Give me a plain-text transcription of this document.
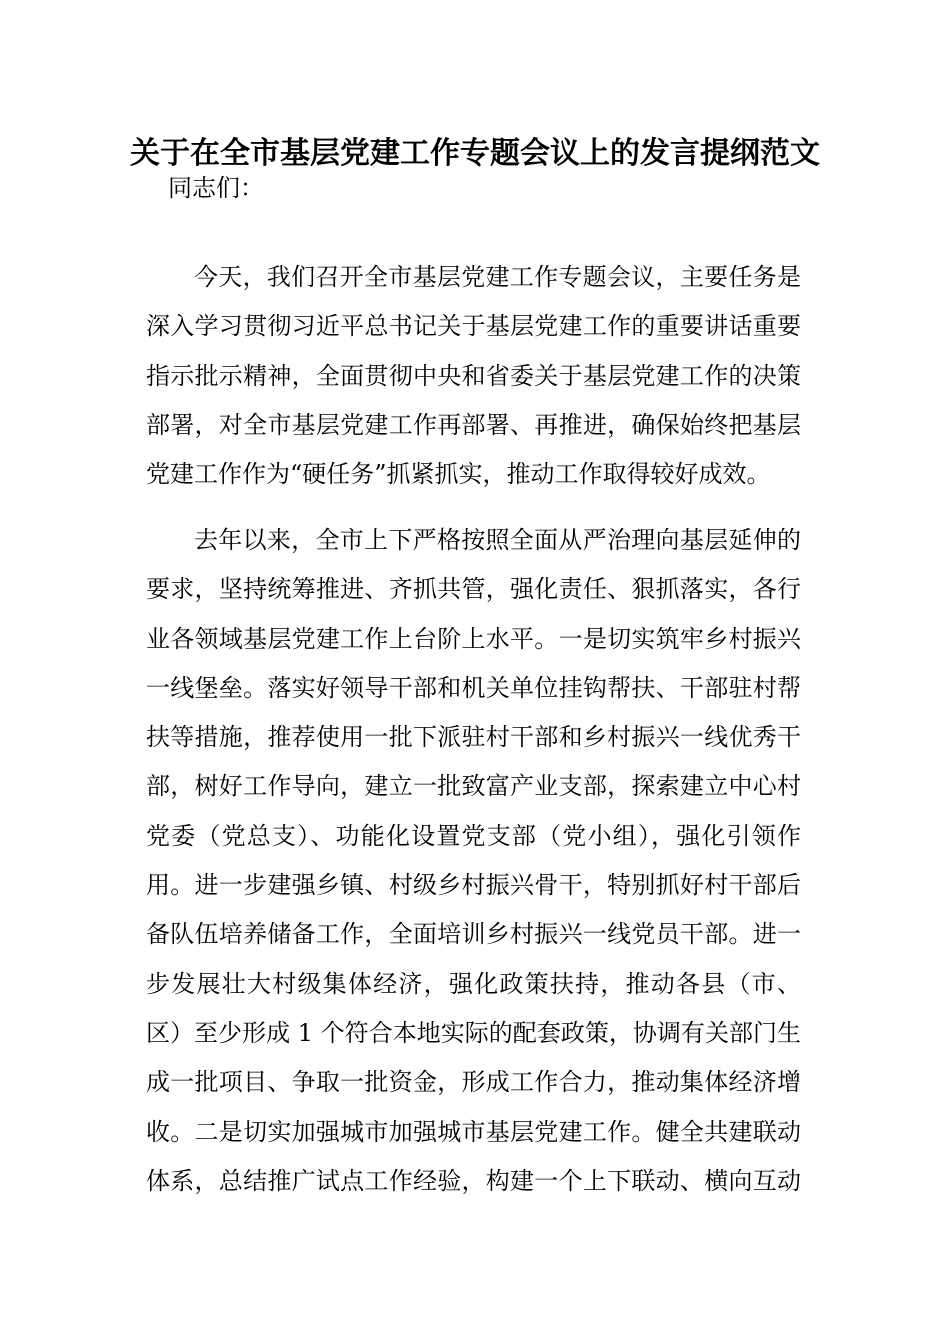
关于在全市基层党建工作专题会议上的发言提纲范文
同志们：
今天，我们召开全市基层党建工作专题会议，主要任务是
深入学习贯彻习近平总书记关于基层党建工作的重要讲话重要
指示批示精神，全面贯彻中央和省委关于基层党建工作的决策
部署，对全市基层党建工作再部署、再推进，确保始终把基层
党建工作作为“硬任务”抓紧抓实，推动工作取得较好成效。
去年以来，全市上下严格按照全面从严治理向基层延伸的
要求，坚持统筹推进、齐抓共管，强化责任、狠抓落实，各行
业各领域基层党建工作上台阶上水平。一是切实筑牢乡村振兴
一线堡垒。落实好领导干部和机关单位挂钩帮扶、干部驻村帮
扶等措施，推荐使用一批下派驻村干部和乡村振兴一线优秀干
部，树好工作导向，建立一批致富产业支部，探索建立中心村
党委（党总支）、功能化设置党支部（党小组），强化引领作
用。进一步建强乡镇、村级乡村振兴骨干，特别抓好村干部后
备队伍培养储备工作，全面培训乡村振兴一线党员干部。进一
步发展壮大村级集体经济，强化政策扶持，推动各县（市、
区）至少形成 1 个符合本地实际的配套政策，协调有关部门生
成一批项目、争取一批资金，形成工作合力，推动集体经济增
收。二是切实加强城市加强城市基层党建工作。健全共建联动
体系，总结推广试点工作经验，构建一个上下联动、横向互动
